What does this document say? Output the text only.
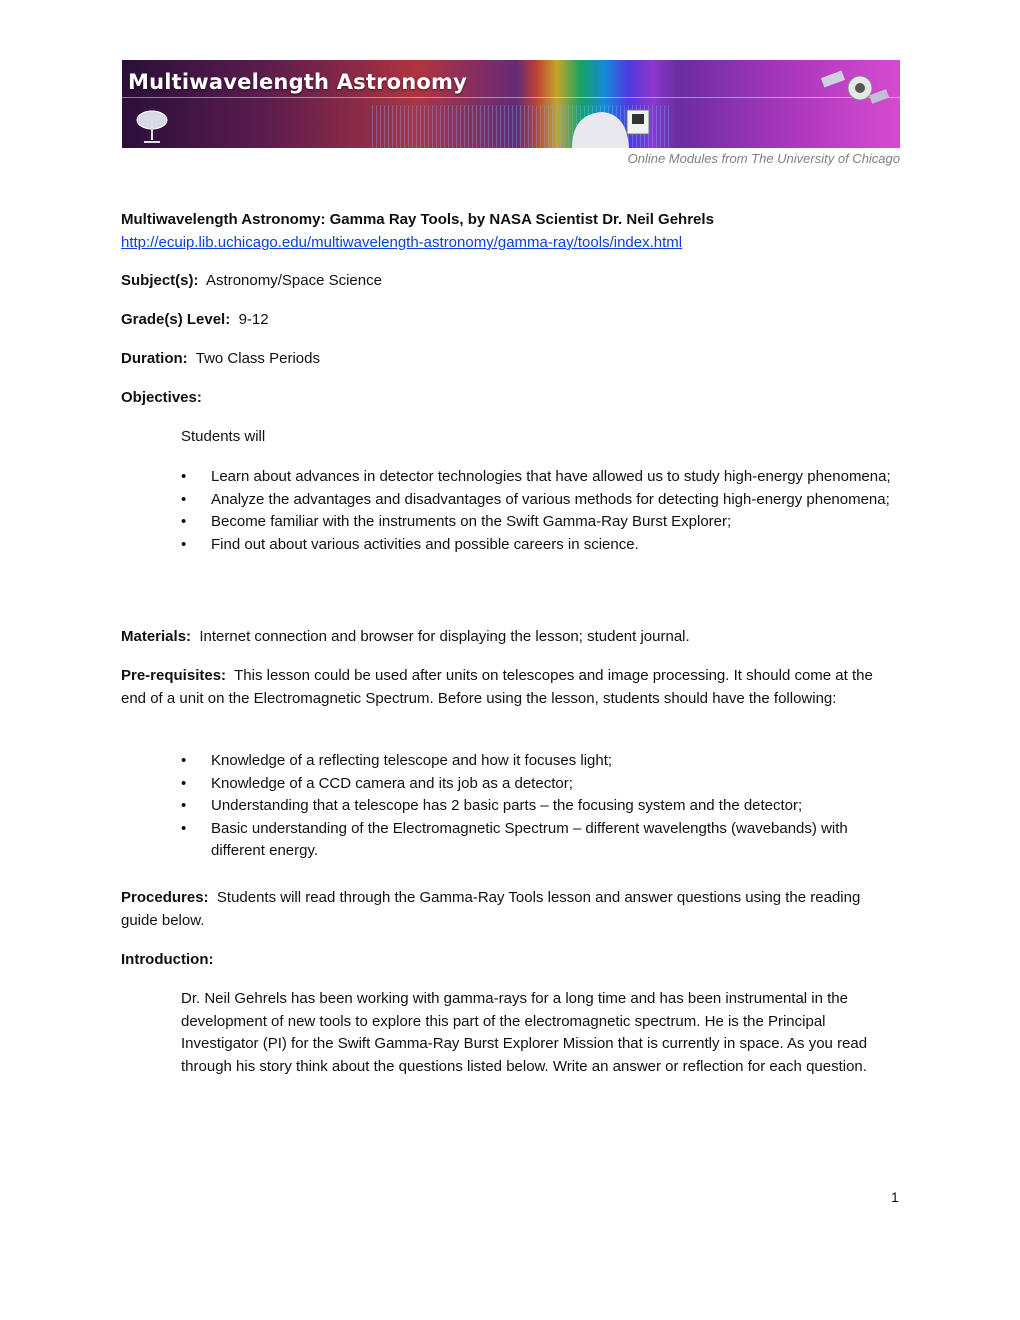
Multiwavelength Astronomy
Online Modules from The University of Chicago

Multiwavelength Astronomy: Gamma Ray Tools, by NASA Scientist Dr. Neil Gehrels

http://ecuip.lib.uchicago.edu/multiwavelength-astronomy/gamma-ray/tools/index.html

Subject(s): Astronomy/Space Science

Grade(s) Level: 9-12

Duration: Two Class Periods

Objectives:

Students will

• Learn about advances in detector technologies that have allowed us to study high-energy phenomena;
• Analyze the advantages and disadvantages of various methods for detecting high-energy phenomena;
• Become familiar with the instruments on the Swift Gamma-Ray Burst Explorer;
• Find out about various activities and possible careers in science.

Materials: Internet connection and browser for displaying the lesson; student journal.

Pre-requisites: This lesson could be used after units on telescopes and image processing. It should come at the end of a unit on the Electromagnetic Spectrum. Before using the lesson, students should have the following:

• Knowledge of a reflecting telescope and how it focuses light;
• Knowledge of a CCD camera and its job as a detector;
• Understanding that a telescope has 2 basic parts – the focusing system and the detector;
• Basic understanding of the Electromagnetic Spectrum – different wavelengths (wavebands) with different energy.

Procedures: Students will read through the Gamma-Ray Tools lesson and answer questions using the reading guide below.

Introduction:

Dr. Neil Gehrels has been working with gamma-rays for a long time and has been instrumental in the development of new tools to explore this part of the electromagnetic spectrum. He is the Principal Investigator (PI) for the Swift Gamma-Ray Burst Explorer Mission that is currently in space. As you read through his story think about the questions listed below. Write an answer or reflection for each question.

1
